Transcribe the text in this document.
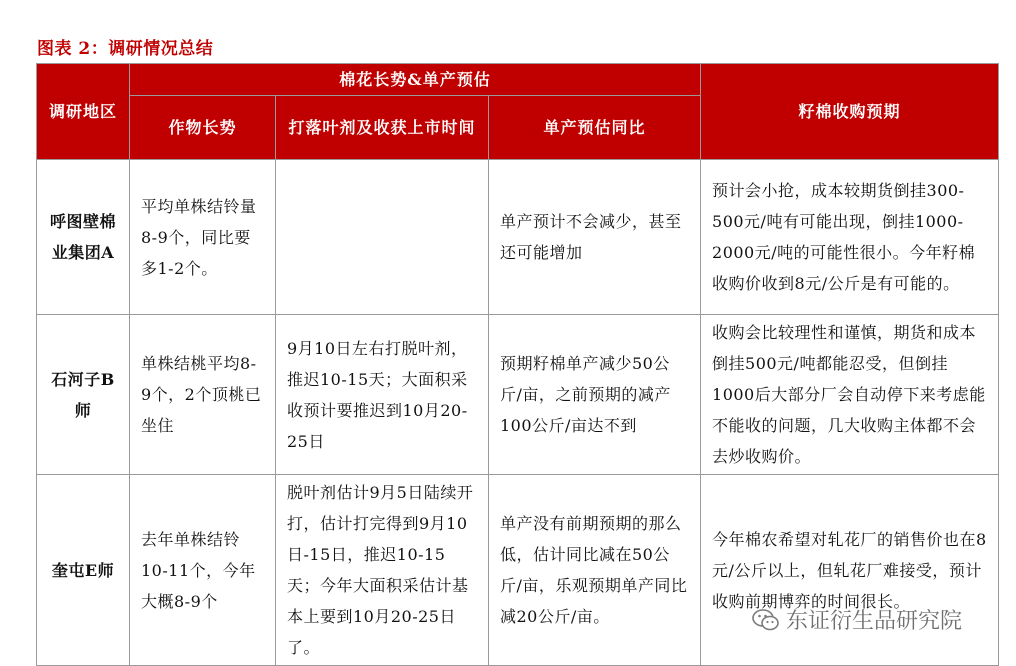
图表 2：调研情况总结
调研地区	棉花长势&单产预估			籽棉收购预期
	作物长势	打落叶剂及收获上市时间	单产预估同比	
呼图壁棉业集团A	平均单株结铃量8-9个，同比要多1-2个。		单产预计不会减少，甚至还可能增加	预计会小抢，成本较期货倒挂300-500元/吨有可能出现，倒挂1000-2000元/吨的可能性很小。今年籽棉收购价收到8元/公斤是有可能的。
石河子B师	单株结桃平均8-9个，2个顶桃已坐住	9月10日左右打脱叶剂，推迟10-15天；大面积采收预计要推迟到10月20-25日	预期籽棉单产减少50公斤/亩，之前预期的减产100公斤/亩达不到	收购会比较理性和谨慎，期货和成本倒挂500元/吨都能忍受，但倒挂1000后大部分厂会自动停下来考虑能不能收的问题，几大收购主体都不会去炒收购价。
奎屯E师	去年单株结铃10-11个，今年大概8-9个	脱叶剂估计9月5日陆续开打，估计打完得到9月10日-15日，推迟10-15天；今年大面积采估计基本上要到10月20-25日了。	单产没有前期预期的那么低，估计同比减在50公斤/亩，乐观预期单产同比减20公斤/亩。	今年棉农希望对轧花厂的销售价也在8元/公斤以上，但轧花厂难接受，预计收购前期博弈的时间很长。
东证衍生品研究院
